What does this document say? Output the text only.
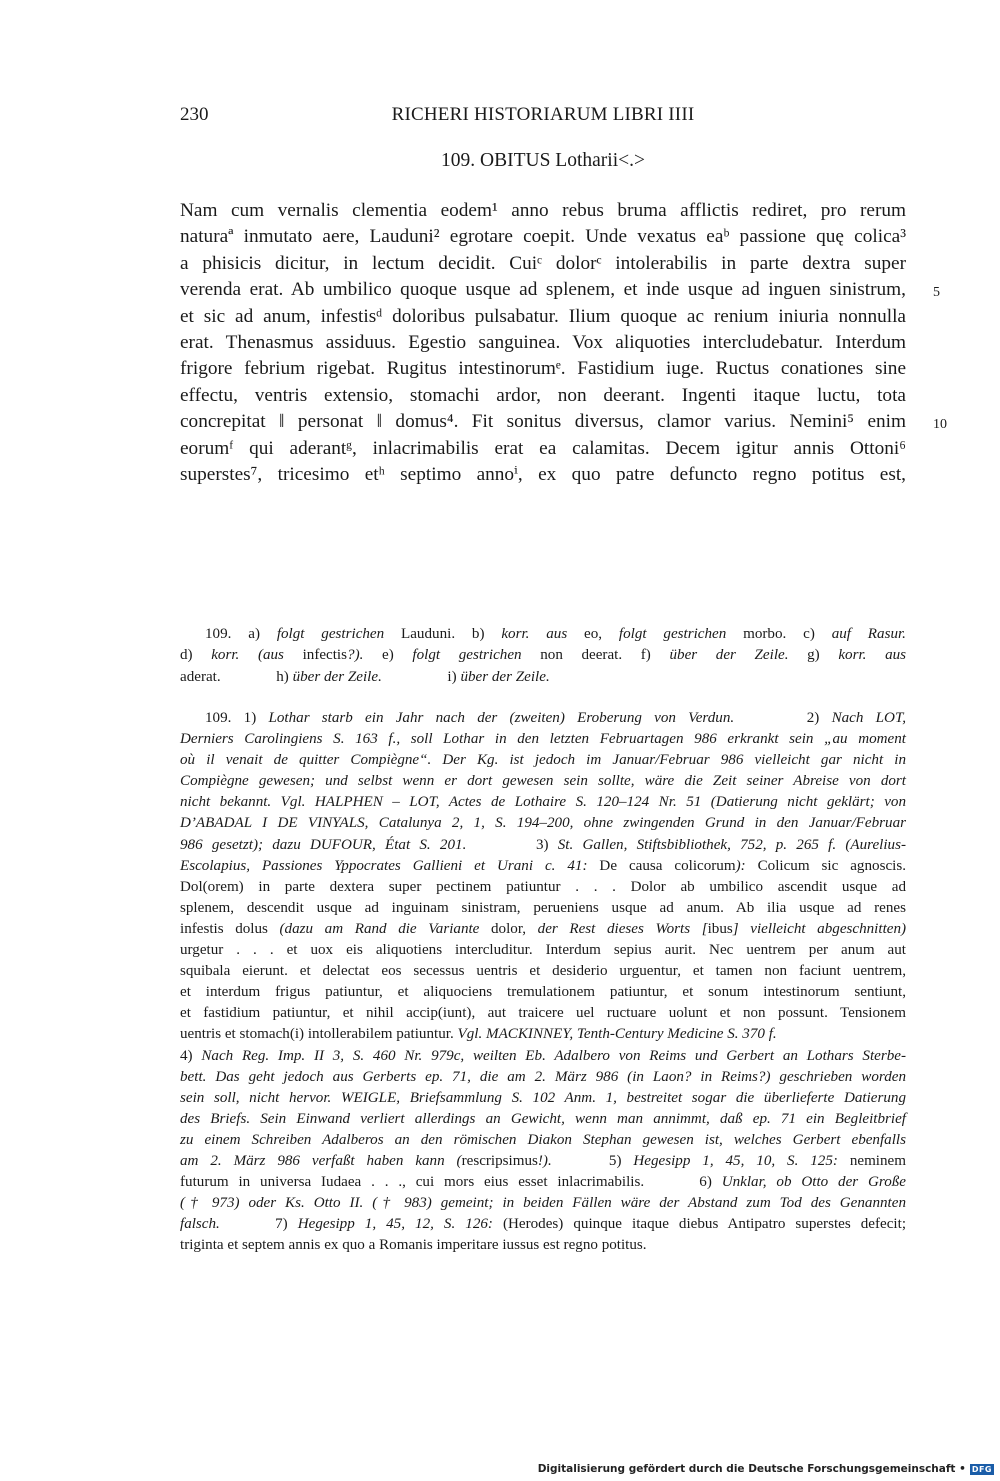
230	RICHERI HISTORIARUM LIBRI IIII
109. OBITUS Lotharii<.>
Nam cum vernalis clementia eodem¹ anno rebus bruma afflictis rediret, pro rerum
naturaª inmutato aere, Lauduni² egrotare coepit. Unde vexatus eaᵇ passione quę colica³
a phisicis dicitur, in lectum decidit. Cuiᶜ dolorᶜ intolerabilis in parte dextra super
verenda erat. Ab umbilico quoque usque ad splenem, et inde usque ad inguen sinistrum,
et sic ad anum, infestisᵈ doloribus pulsabatur. Ilium quoque ac renium iniuria nonnulla
erat. Thenasmus assiduus. Egestio sanguinea. Vox aliquoties intercludebatur. Interdum
frigore febrium rigebat. Rugitus intestinorumᵉ. Fastidium iuge. Ructus conationes sine
effectu, ventris extensio, stomachi ardor, non deerant. Ingenti itaque luctu, tota
concrepitat ‖ personat ‖ domus⁴. Fit sonitus diversus, clamor varius. Nemini⁵ enim
eorumᶠ qui aderantᵍ, inlacrimabilis erat ea calamitas. Decem igitur annis Ottoni⁶
superstes⁷, tricesimo etʰ septimo annoⁱ, ex quo patre defuncto regno potitus est,
5
10
109. a) folgt gestrichen Lauduni. b) korr. aus eo, folgt gestrichen morbo. c) auf Rasur.
d) korr. (aus infectis?). e) folgt gestrichen non deerat. f) über der Zeile. g) korr. aus
aderat.	h) über der Zeile.	i) über der Zeile.
109. 1) Lothar starb ein Jahr nach der (zweiten) Eroberung von Verdun.     2) Nach LOT,
Derniers Carolingiens S. 163 f., soll Lothar in den letzten Februartagen 986 erkrankt sein „au moment
où il venait de quitter Compiègne“. Der Kg. ist jedoch im Januar/Februar 986 vielleicht gar nicht in
Compiègne gewesen; und selbst wenn er dort gewesen sein sollte, wäre die Zeit seiner Abreise von dort
nicht bekannt. Vgl. HALPHEN – LOT, Actes de Lothaire S. 120–124 Nr. 51 (Datierung nicht geklärt; von
D’ABADAL I DE VINYALS, Catalunya 2, 1, S. 194–200, ohne zwingenden Grund in den Januar/Februar
986 gesetzt); dazu DUFOUR, État S. 201.     3) St. Gallen, Stiftsbibliothek, 752, p. 265 f. (Aurelius-
Escolapius, Passiones Yppocrates Gallieni et Urani c. 41: De causa colicorum): Colicum sic agnoscis.
Dol(orem) in parte dextera super pectinem patiuntur . . . Dolor ab umbilico ascendit usque ad
splenem, descendit usque ad inguinam sinistram, perueniens usque ad anum. Ab ilia usque ad renes
infestis dolus (dazu am Rand die Variante dolor, der Rest dieses Worts [ibus] vielleicht abgeschnitten)
urgetur . . . et uox eis aliquotiens intercluditur. Interdum sepius aurit. Nec uentrem per anum aut
squibala eierunt. et delectat eos secessus uentris et desiderio urguentur, et tamen non faciunt uentrem,
et interdum frigus patiuntur, et aliquociens tremulationem patiuntur, et sonum intestinorum sentiunt,
et fastidium patiuntur, et nihil accip(iunt), aut traicere uel ructuare uolunt et non possunt. Tensionem
uentris et stomach(i) intollerabilem patiuntur. Vgl. MACKINNEY, Tenth-Century Medicine S. 370 f.
4) Nach Reg. Imp. II 3, S. 460 Nr. 979c, weilten Eb. Adalbero von Reims und Gerbert an Lothars Sterbe-
bett. Das geht jedoch aus Gerberts ep. 71, die am 2. März 986 (in Laon? in Reims?) geschrieben worden
sein soll, nicht hervor. WEIGLE, Briefsammlung S. 102 Anm. 1, bestreitet sogar die überlieferte Datierung
des Briefs. Sein Einwand verliert allerdings an Gewicht, wenn man annimmt, daß ep. 71 ein Begleitbrief
zu einem Schreiben Adalberos an den römischen Diakon Stephan gewesen ist, welches Gerbert ebenfalls
am 2. März 986 verfaßt haben kann (rescripsimus!).    5) Hegesipp 1, 45, 10, S. 125: neminem
futurum in universa Iudaea . . ., cui mors eius esset inlacrimabilis.    6) Unklar, ob Otto der Große
(† 973) oder Ks. Otto II. († 983) gemeint; in beiden Fällen wäre der Abstand zum Tod des Genannten
falsch.    7) Hegesipp 1, 45, 12, S. 126: (Herodes) quinque itaque diebus Antipatro superstes defecit;
triginta et septem annis ex quo a Romanis imperitare iussus est regno potitus.
Digitalisierung gefördert durch die Deutsche Forschungsgemeinschaft • DFG
